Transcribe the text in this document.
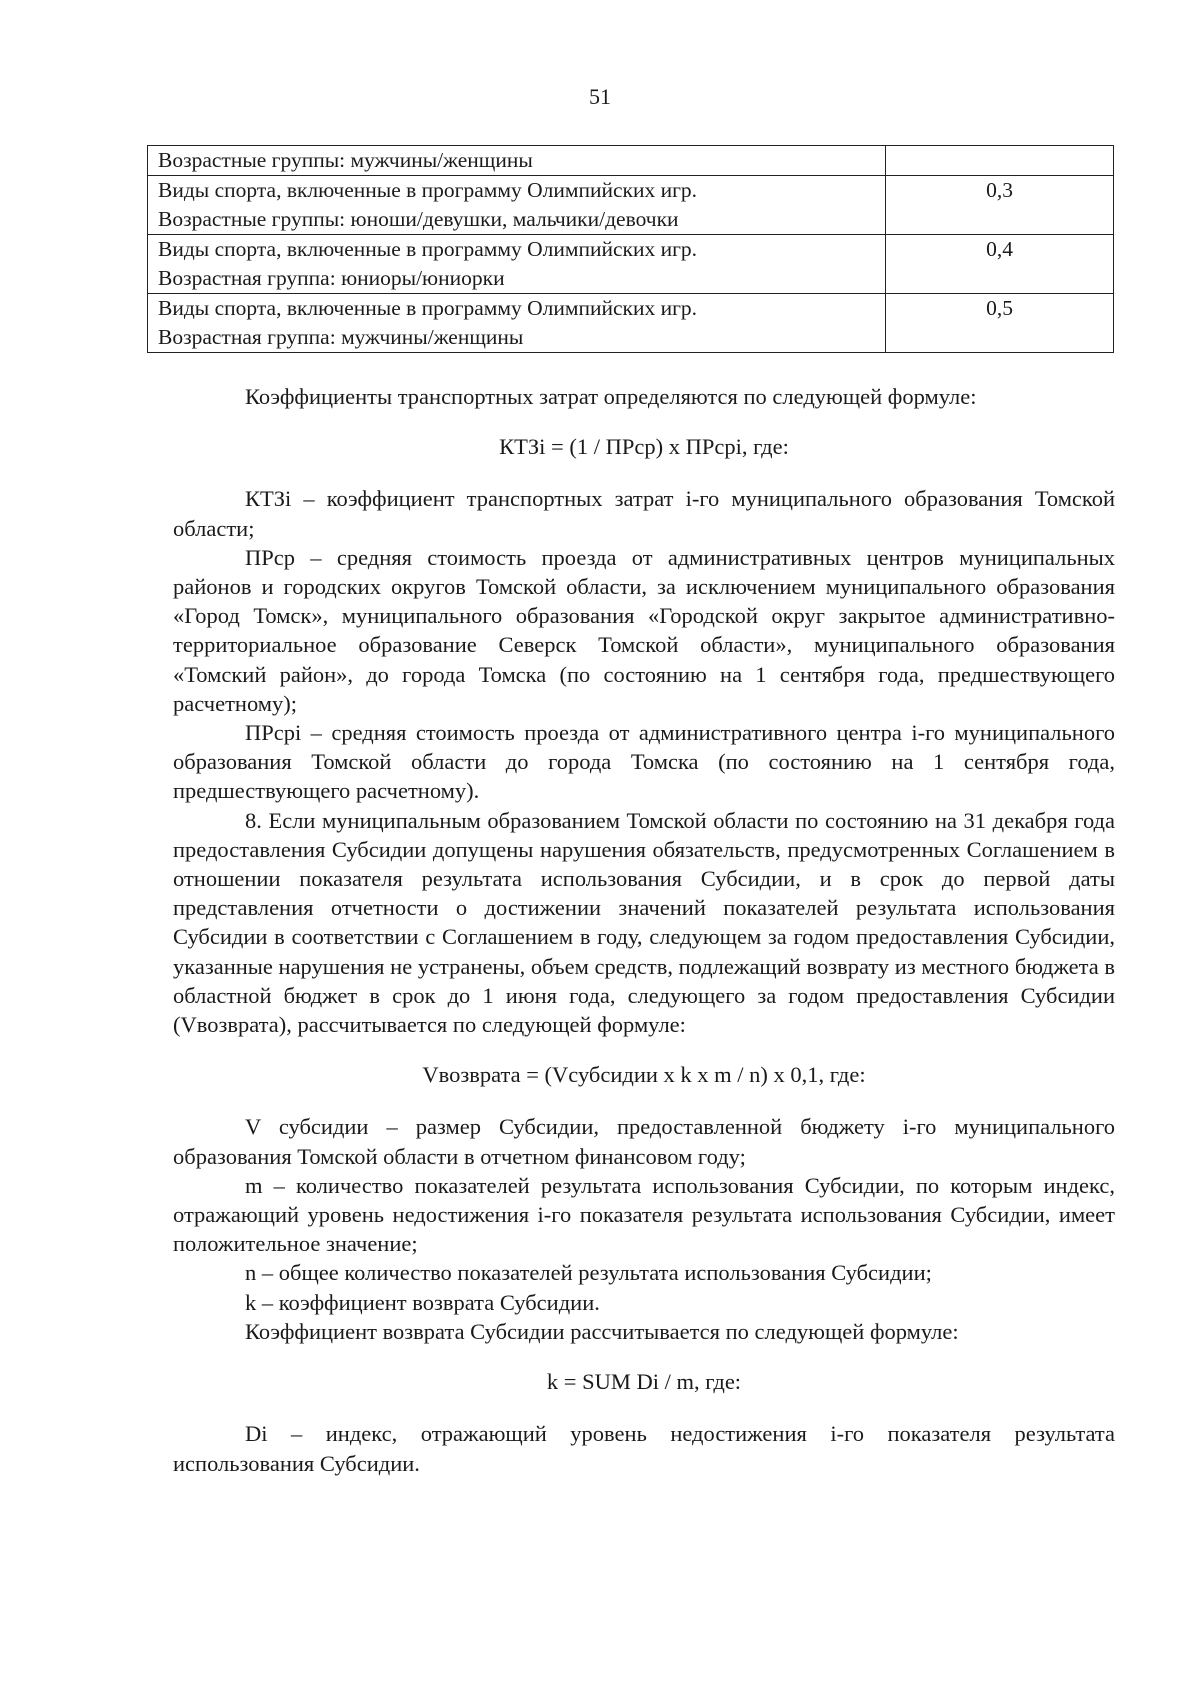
51
Возрастные группы: мужчины/женщины	

Виды спорта, включенные в программу Олимпийских игр.
Возрастные группы: юноши/девушки, мальчики/девочки	0,3

Виды спорта, включенные в программу Олимпийских игр.
Возрастная группа: юниоры/юниорки	0,4

Виды спорта, включенные в программу Олимпийских игр.
Возрастная группа: мужчины/женщины	0,5

Коэффициенты транспортных затрат определяются по следующей формуле:

КТЗi = (1 / ПРср) x ПРсрi, где:

КТЗi – коэффициент транспортных затрат i-го муниципального образования Томской области;

ПРср – средняя стоимость проезда от административных центров муниципальных районов и городских округов Томской области, за исключением муниципального образования «Город Томск», муниципального образования «Городской округ закрытое административно-территориальное образование Северск Томской области», муниципального образования «Томский район», до города Томска (по состоянию на 1 сентября года, предшествующего расчетному);

ПРсрi – средняя стоимость проезда от административного центра i-го муниципального образования Томской области до города Томска (по состоянию на 1 сентября года, предшествующего расчетному).

8. Если муниципальным образованием Томской области по состоянию на 31 декабря года предоставления Субсидии допущены нарушения обязательств, предусмотренных Соглашением в отношении показателя результата использования Субсидии, и в срок до первой даты представления отчетности о достижении значений показателей результата использования Субсидии в соответствии с Соглашением в году, следующем за годом предоставления Субсидии, указанные нарушения не устранены, объем средств, подлежащий возврату из местного бюджета в областной бюджет в срок до 1 июня года, следующего за годом предоставления Субсидии (Vвозврата), рассчитывается по следующей формуле:

Vвозврата = (Vсубсидии x k x m / n) x 0,1, где:

V субсидии – размер Субсидии, предоставленной бюджету i-го муниципального образования Томской области в отчетном финансовом году;

m – количество показателей результата использования Субсидии, по которым индекс, отражающий уровень недостижения i-го показателя результата использования Субсидии, имеет положительное значение;

n – общее количество показателей результата использования Субсидии;

k – коэффициент возврата Субсидии.

Коэффициент возврата Субсидии рассчитывается по следующей формуле:

k = SUM Di / m, где:

Di – индекс, отражающий уровень недостижения i-го показателя результата использования Субсидии.
